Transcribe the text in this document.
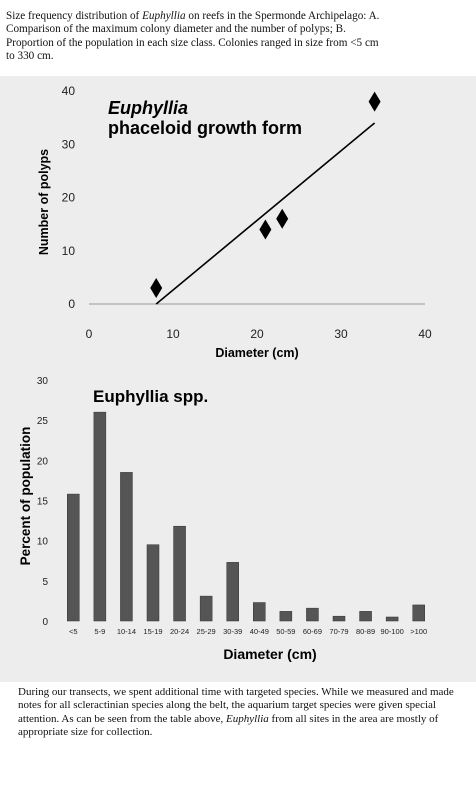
Size frequency distribution of Euphyllia on reefs in the Spermonde Archipelago: A. Comparison of the maximum colony diameter and the number of polyps; B. Proportion of the population in each size class. Colonies ranged in size from <5 cm to 330 cm.
0	10	20	30	40
0
10
20
30
40
Euphyllia
phaceloid growth form
Diameter (cm)
Number of polyps
0
5
10
15
20
25
30
<5 5-9 10-14 15-19 20-24 25-29 30-39 40-49 50-59 60-69 70-79 80-89 90-100 >100
Euphyllia spp.
Diameter (cm)
Percent of population
During our transects, we spent additional time with targeted species. While we measured and made notes for all scleractinian species along the belt, the aquarium target species were given special attention. As can be seen from the table above, Euphyllia from all sites in the area are mostly of appropriate size for collection.
